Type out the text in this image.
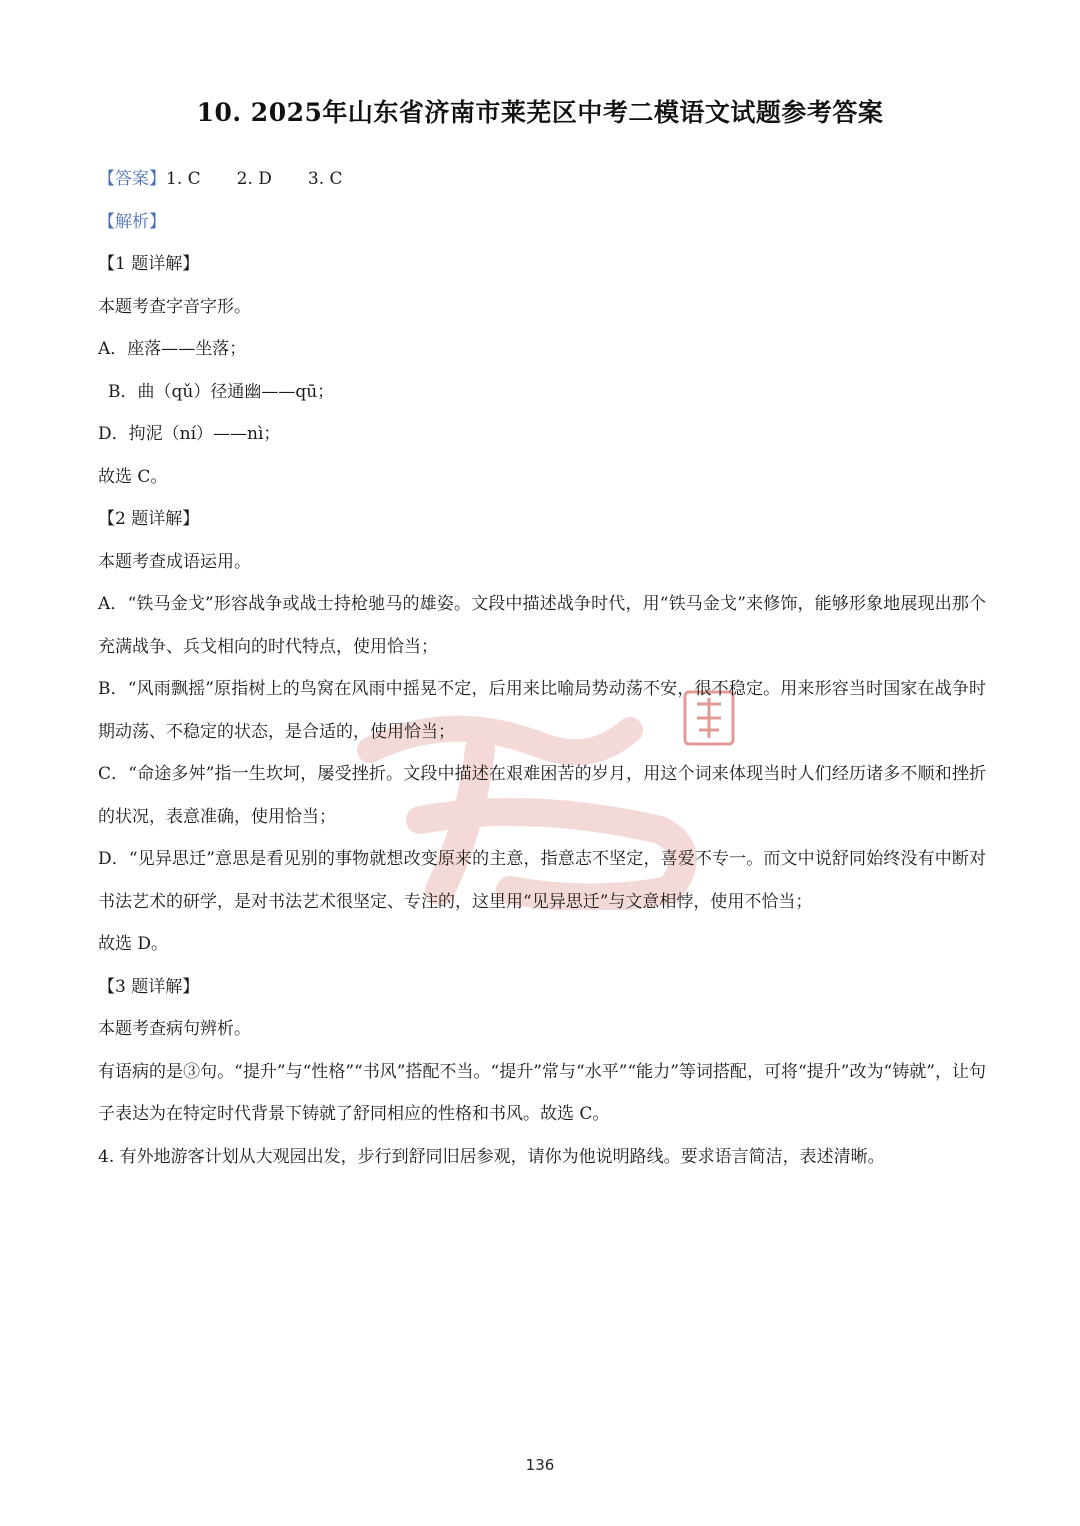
10. 2025年山东省济南市莱芜区中考二模语文试题参考答案
【答案】1. C 2. D 3. C
【解析】
【1 题详解】
本题考查字音字形。
A．座落——坐落；
B．曲（qǔ）径通幽——qū；
D．拘泥（ní）——nì；
故选 C。
【2 题详解】
本题考查成语运用。
A．“铁马金戈”形容战争或战士持枪驰马的雄姿。文段中描述战争时代，用“铁马金戈”来修饰，能够形象地展现出那个充满战争、兵戈相向的时代特点，使用恰当；
B．“风雨飘摇”原指树上的鸟窝在风雨中摇晃不定，后用来比喻局势动荡不安，很不稳定。用来形容当时国家在战争时期动荡、不稳定的状态，是合适的，使用恰当；
C．“命途多舛”指一生坎坷，屡受挫折。文段中描述在艰难困苦的岁月，用这个词来体现当时人们经历诸多不顺和挫折的状况，表意准确，使用恰当；
D．“见异思迁”意思是看见别的事物就想改变原来的主意，指意志不坚定，喜爱不专一。而文中说舒同始终没有中断对书法艺术的研学，是对书法艺术很坚定、专注的，这里用“见异思迁”与文意相悖，使用不恰当；
故选 D。
【3 题详解】
本题考查病句辨析。
有语病的是③句。“提升”与“性格”“书风”搭配不当。“提升”常与“水平”“能力”等词搭配，可将“提升”改为“铸就”，让句子表达为在特定时代背景下铸就了舒同相应的性格和书风。故选 C。
4. 有外地游客计划从大观园出发，步行到舒同旧居参观，请你为他说明路线。要求语言简洁，表述清晰。
136
